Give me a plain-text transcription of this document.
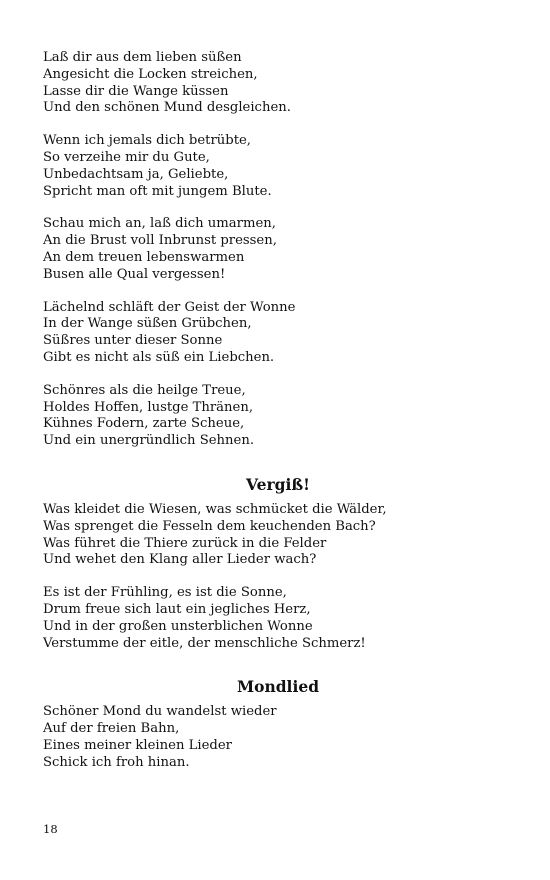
Laß dir aus dem lieben süßen
Angesicht die Locken streichen,
Lasse dir die Wange küssen
Und den schönen Mund desgleichen.
Wenn ich jemals dich betrübte,
So verzeihe mir du Gute,
Unbedachtsam ja, Geliebte,
Spricht man oft mit jungem Blute.
Schau mich an, laß dich umarmen,
An die Brust voll Inbrunst pressen,
An dem treuen lebenswarmen
Busen alle Qual vergessen!
Lächelnd schläft der Geist der Wonne
In der Wange süßen Grübchen,
Süßres unter dieser Sonne
Gibt es nicht als süß ein Liebchen.
Schönres als die heilge Treue,
Holdes Hoffen, lustge Thränen,
Kühnes Fodern, zarte Scheue,
Und ein unergründlich Sehnen.
Vergiß!
Was kleidet die Wiesen, was schmücket die Wälder,
Was sprenget die Fesseln dem keuchenden Bach?
Was führet die Thiere zurück in die Felder
Und wehet den Klang aller Lieder wach?
Es ist der Frühling, es ist die Sonne,
Drum freue sich laut ein jegliches Herz,
Und in der großen unsterblichen Wonne
Verstumme der eitle, der menschliche Schmerz!
Mondlied
Schöner Mond du wandelst wieder
Auf der freien Bahn,
Eines meiner kleinen Lieder
Schick ich froh hinan.
18
